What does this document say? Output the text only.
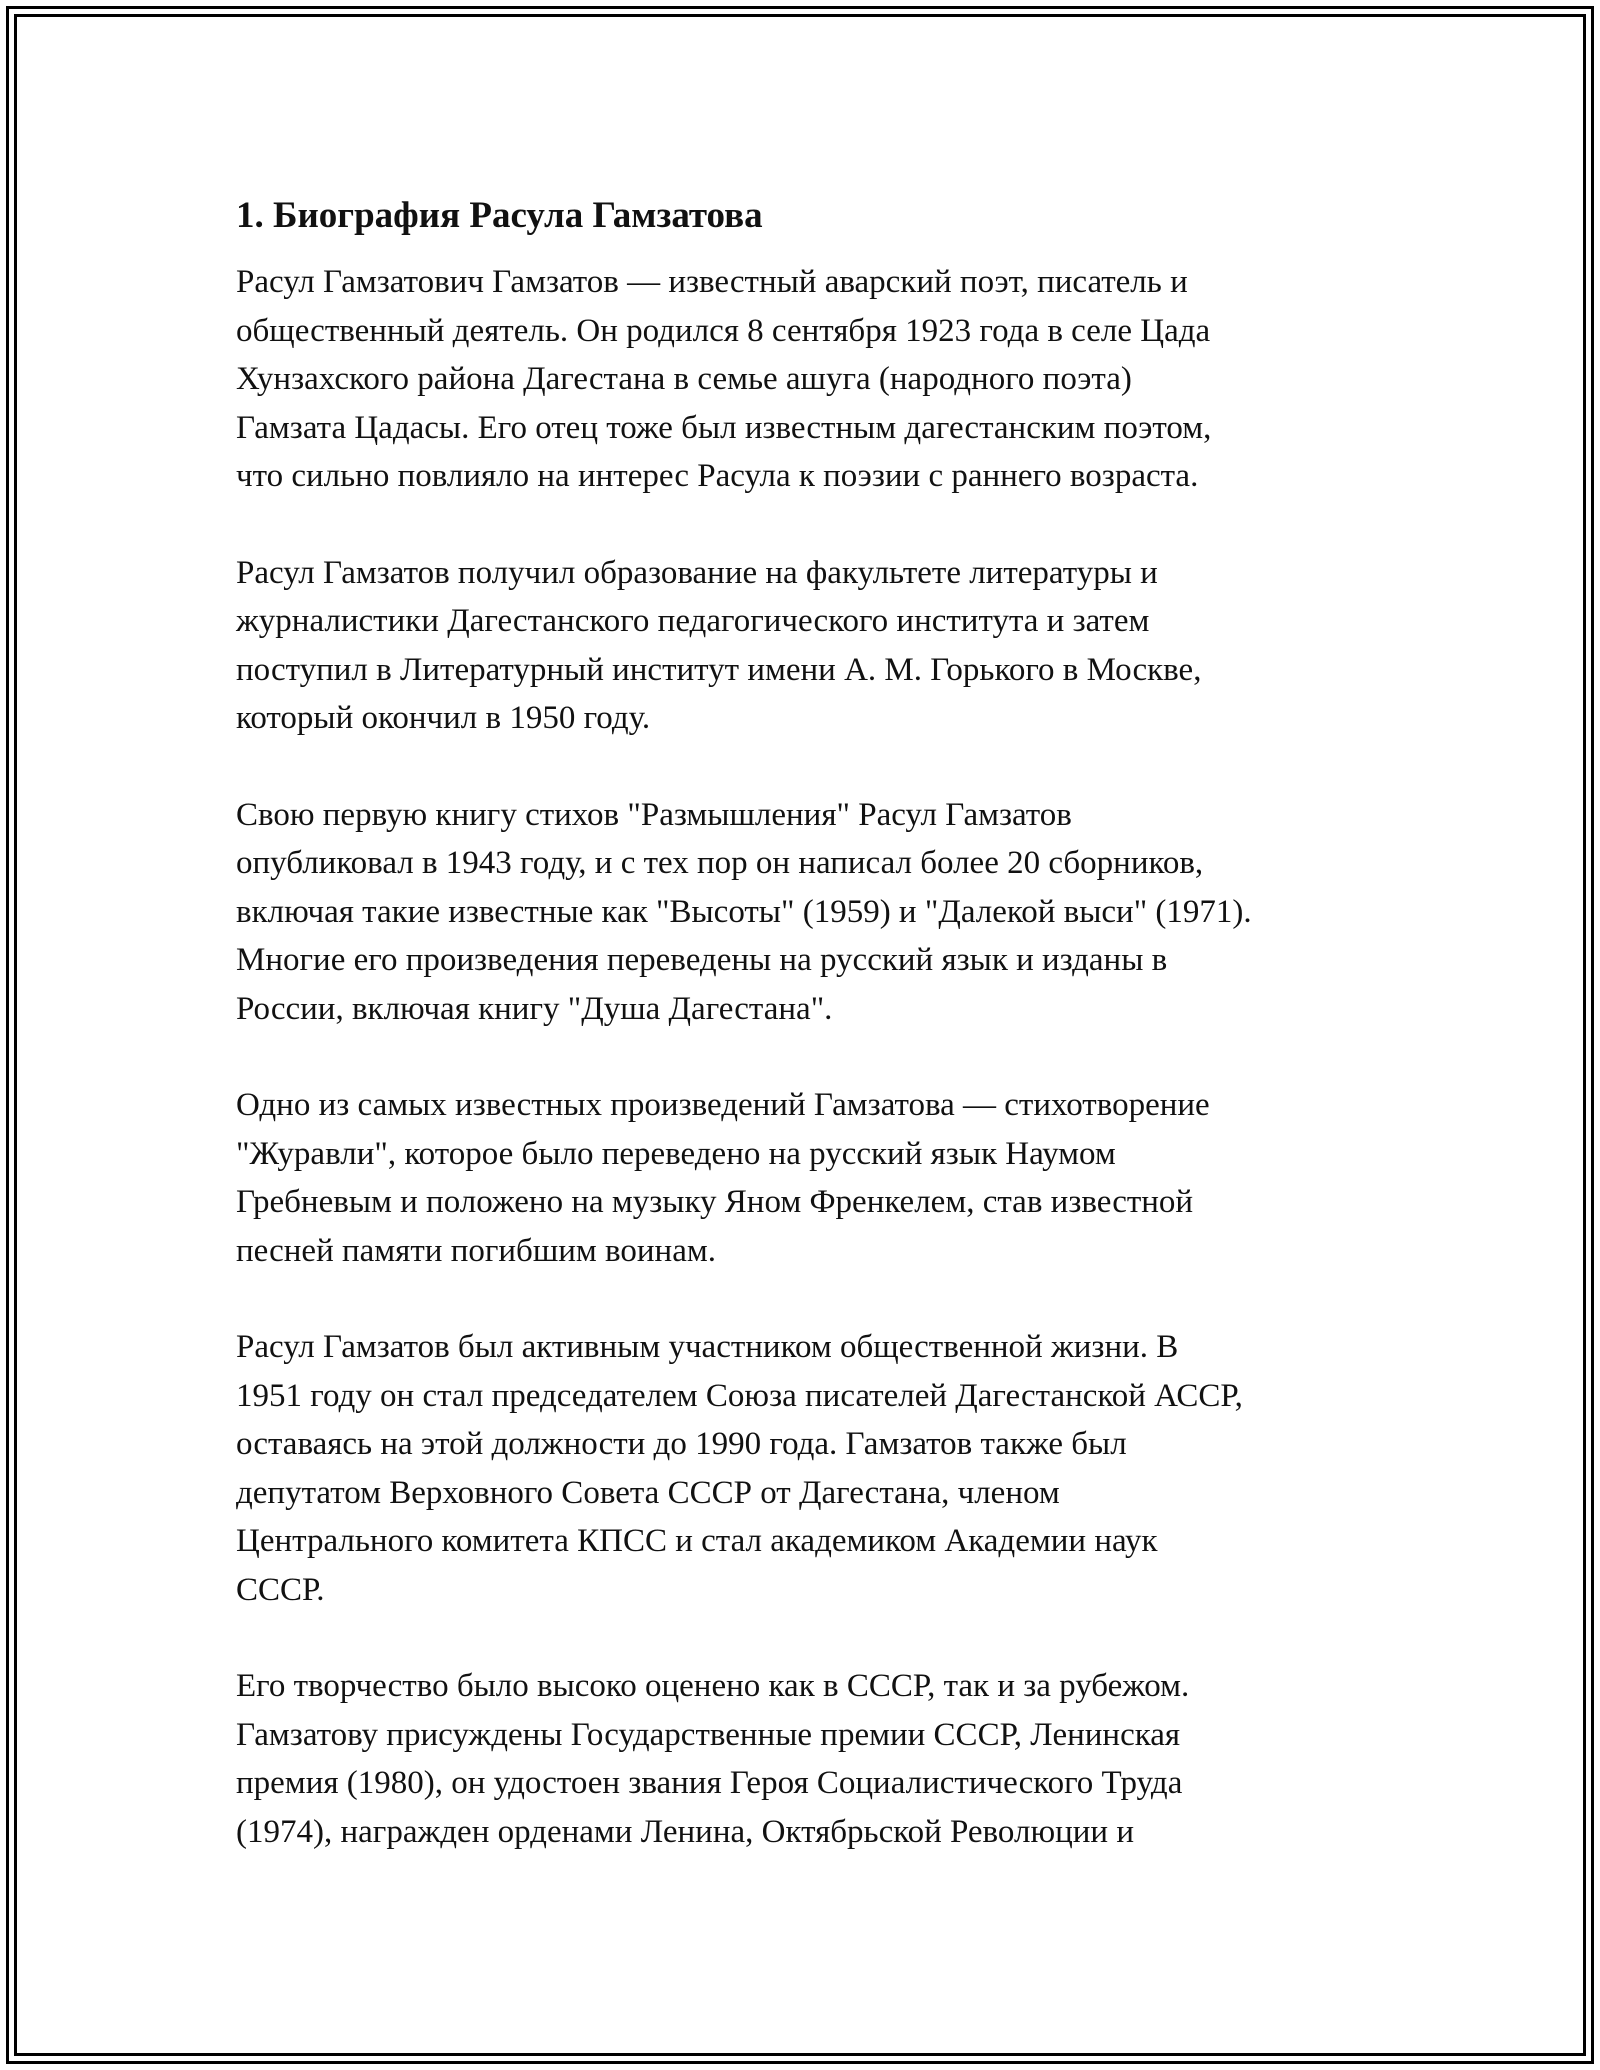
1. Биография Расула Гамзатова

Расул Гамзатович Гамзатов — известный аварский поэт, писатель и
общественный деятель. Он родился 8 сентября 1923 года в селе Цада
Хунзахского района Дагестана в семье ашуга (народного поэта)
Гамзата Цадасы. Его отец тоже был известным дагестанским поэтом,
что сильно повлияло на интерес Расула к поэзии с раннего возраста.

Расул Гамзатов получил образование на факультете литературы и
журналистики Дагестанского педагогического института и затем
поступил в Литературный институт имени А. М. Горького в Москве,
который окончил в 1950 году.

Свою первую книгу стихов "Размышления" Расул Гамзатов
опубликовал в 1943 году, и с тех пор он написал более 20 сборников,
включая такие известные как "Высоты" (1959) и "Далекой выси" (1971).
Многие его произведения переведены на русский язык и изданы в
России, включая книгу "Душа Дагестана".

Одно из самых известных произведений Гамзатова — стихотворение
"Журавли", которое было переведено на русский язык Наумом
Гребневым и положено на музыку Яном Френкелем, став известной
песней памяти погибшим воинам.

Расул Гамзатов был активным участником общественной жизни. В
1951 году он стал председателем Союза писателей Дагестанской АССР,
оставаясь на этой должности до 1990 года. Гамзатов также был
депутатом Верховного Совета СССР от Дагестана, членом
Центрального комитета КПСС и стал академиком Академии наук
СССР.

Его творчество было высоко оценено как в СССР, так и за рубежом.
Гамзатову присуждены Государственные премии СССР, Ленинская
премия (1980), он удостоен звания Героя Социалистического Труда
(1974), награжден орденами Ленина, Октябрьской Революции и
